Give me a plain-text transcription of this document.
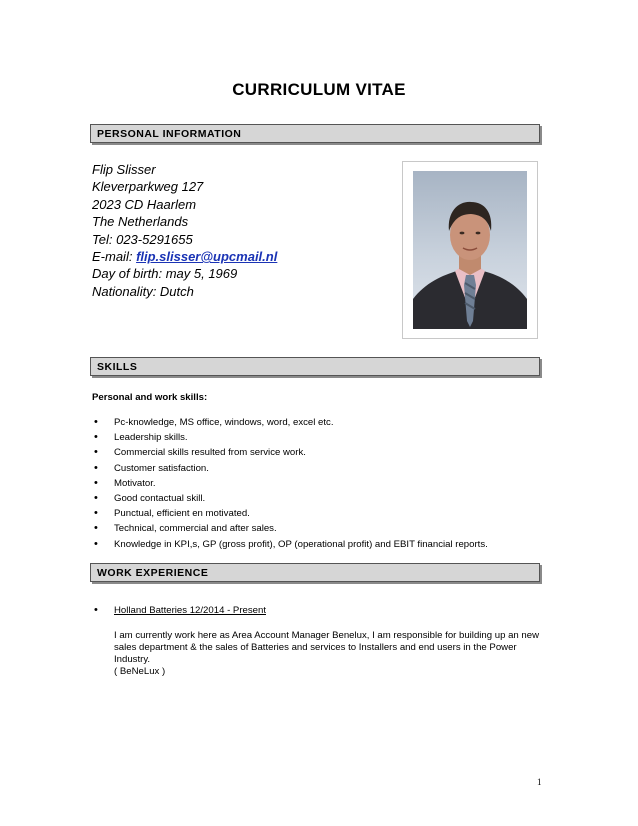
CURRICULUM VITAE
PERSONAL INFORMATION
Flip Slisser
Kleverparkweg 127
2023 CD Haarlem
The Netherlands
Tel: 023-5291655
E-mail: flip.slisser@upcmail.nl
Day of birth: may 5, 1969
Nationality: Dutch
SKILLS
Personal and work skills:
• Pc-knowledge, MS office, windows, word, excel etc.
• Leadership skills.
• Commercial skills resulted from service work.
• Customer satisfaction.
• Motivator.
• Good contactual skill.
• Punctual, efficient en motivated.
• Technical, commercial and after sales.
• Knowledge in KPI,s, GP (gross profit), OP (operational profit) and EBIT financial reports.
WORK EXPERIENCE
• Holland Batteries 12/2014 - Present
I am currently work here as Area Account Manager Benelux, I am responsible for building up an new sales department & the sales of Batteries and services to Installers and end users in the Power Industry.
( BeNeLux )
1
